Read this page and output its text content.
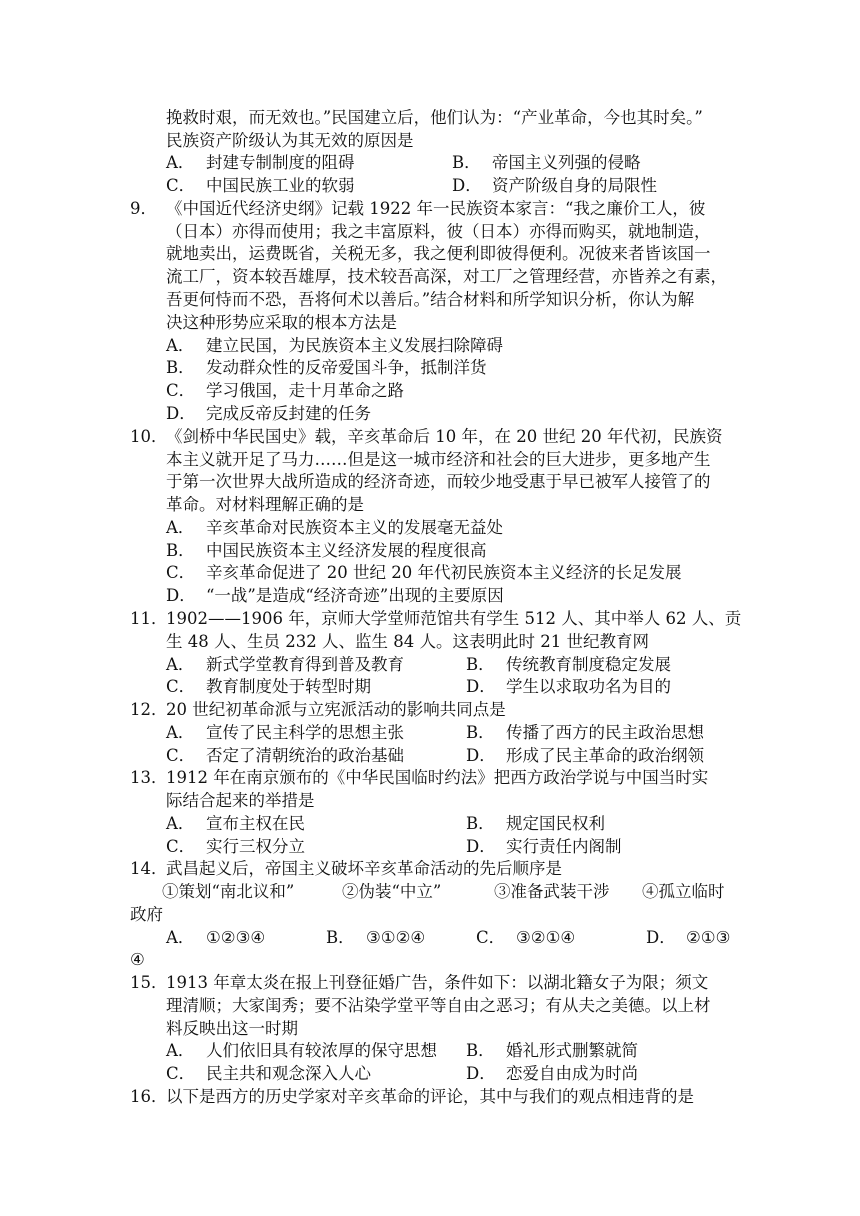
挽救时艰，而无效也。”民国建立后，他们认为：“产业革命，今也其时矣。”
民族资产阶级认为其无效的原因是
A． 封建专制制度的阻碍	B． 帝国主义列强的侵略
C． 中国民族工业的软弱	D． 资产阶级自身的局限性
9． 《中国近代经济史纲》记载 1922 年一民族资本家言：“我之廉价工人，彼
（日本）亦得而使用；我之丰富原料，彼（日本）亦得而购买，就地制造，
就地卖出，运费既省，关税无多，我之便利即彼得便利。况彼来者皆该国一
流工厂，资本较吾雄厚，技术较吾高深，对工厂之管理经营，亦皆养之有素，
吾更何恃而不恐，吾将何术以善后。”结合材料和所学知识分析，你认为解
决这种形势应采取的根本方法是
A． 建立民国，为民族资本主义发展扫除障碍
B． 发动群众性的反帝爱国斗争，抵制洋货
C． 学习俄国，走十月革命之路
D． 完成反帝反封建的任务
10．
《剑桥中华民国史》载，辛亥革命后 10 年，在 20 世纪 20 年代初，民族资
本主义就开足了马力……但是这一城市经济和社会的巨大进步，更多地产生
于第一次世界大战所造成的经济奇迹，而较少地受惠于早已被军人接管了的
革命。对材料理解正确的是
A． 辛亥革命对民族资本主义的发展毫无益处
B． 中国民族资本主义经济发展的程度很高
C． 辛亥革命促进了 20 世纪 20 年代初民族资本主义经济的长足发展
D． “一战”是造成“经济奇迹”出现的主要原因
11．
1902——1906 年，京师大学堂师范馆共有学生 512 人、其中举人 62 人、贡
生 48 人、生员 232 人、监生 84 人。这表明此时 21 世纪教育网
A． 新式学堂教育得到普及教育	B． 传统教育制度稳定发展
C． 教育制度处于转型时期	D． 学生以求取功名为目的
12．
20 世纪初革命派与立宪派活动的影响共同点是
A． 宣传了民主科学的思想主张	B． 传播了西方的民主政治思想
C． 否定了清朝统治的政治基础	D． 形成了民主革命的政治纲领
13．
1912 年在南京颁布的《中华民国临时约法》把西方政治学说与中国当时实
际结合起来的举措是
A． 宣布主权在民	B． 规定国民权利
C． 实行三权分立	D． 实行责任内阁制
14．
武昌起义后，帝国主义破坏辛亥革命活动的先后顺序是
①策划“南北议和”	②伪装“中立”	③准备武装干涉 ④孤立临时
政府
A． ①②③④	B． ③①②④	C． ③②①④	D． ②①③
④
15．
1913 年章太炎在报上刊登征婚广告，条件如下：以湖北籍女子为限；须文
理清顺；大家闺秀；要不沾染学堂平等自由之恶习；有从夫之美德。以上材
料反映出这一时期
A． 人们依旧具有较浓厚的保守思想 B． 婚礼形式删繁就简
C． 民主共和观念深入人心	D． 恋爱自由成为时尚
16．
以下是西方的历史学家对辛亥革命的评论，其中与我们的观点相违背的是
